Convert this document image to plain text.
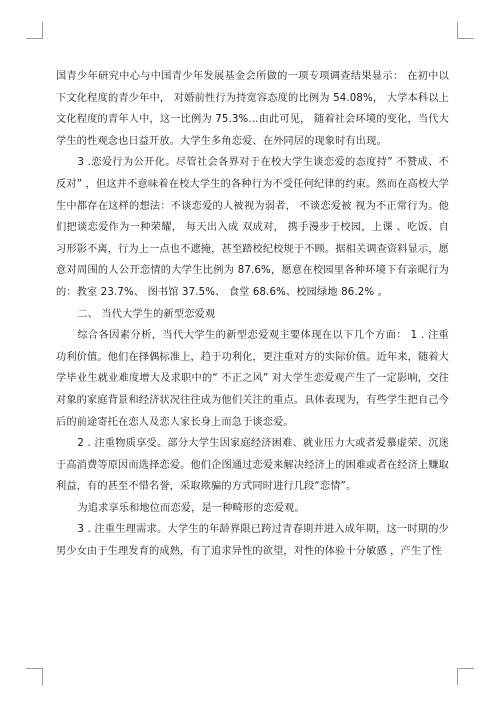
国青少年研究中心与中国青少年发展基金会所做的一项专项调查结果显示： 在初中以下文化程度的青少年中， 对婚前性行为持宽容态度的比例为 54.08%， 大学本科以上文化程度的青年人中，这一比例为 75.3%...由此可见， 随着社会环境的变化，当代大学生的性观念也日益开放。大学生多角恋爱、在外同居的现象时有出现。

3 .恋爱行为公开化。尽管社会各界对于在校大学生谈恋爱的态度持” 不赞成、不反对” ，但这并不意味着在校大学生的各种行为不受任何纪律的约束。然而在高校大学生中都存在这样的想法：不谈恋爱的人被视为弱者， 不谈恋爱被 视为不正常行为。他们把谈恋爱作为一种荣耀， 每天出入成 双成对， 携手漫步于校园，上课 、吃饭、自习形影不离，行为上一点也不遮掩，甚至踏校纪校规于不顾。据相关调查资料显示，愿意对周围的人公开恋情的大学生比例为 87.6%，愿意在校园里各种环境下有亲昵行为的：教室 23.7%、 图书馆 37.5%、 食堂 68.6%、校园绿地 86.2% 。

二、 当代大学生的新型恋爱观

综合各因素分析，当代大学生的新型恋爱观主要体现在以下几个方面： 1 . 注重功利价值。他们在择偶标准上，趋于功利化，更注重对方的实际价值。近年来，随着大学毕业生就业难度增大及求职中的“ 不正之风” 对大学生恋爱观产生了一定影响，交往对象的家庭背景和经济状况往往成为他们关注的重点。具体表现为，有些学生把自己今后的前途寄托在恋人及恋人家长身上而急于谈恋爱。

2 . 注重物质享受。部分大学生因家庭经济困难、就业压力大或者爱慕虚荣、沉迷于高消费等原因而选择恋爱。他们企图通过恋爱来解决经济上的困难或者在经济上赚取利益，有的甚至不惜名誉，采取欺骗的方式同时进行几段“恋情”。

为追求享乐和地位而恋爱，是一种畸形的恋爱观。

3 . 注重生理需求。大学生的年龄界限已跨过青春期并进入成年期，这一时期的少男少女由于生理发育的成熟，有了追求异性的欲望，对性的体验十分敏感 ，产生了性
